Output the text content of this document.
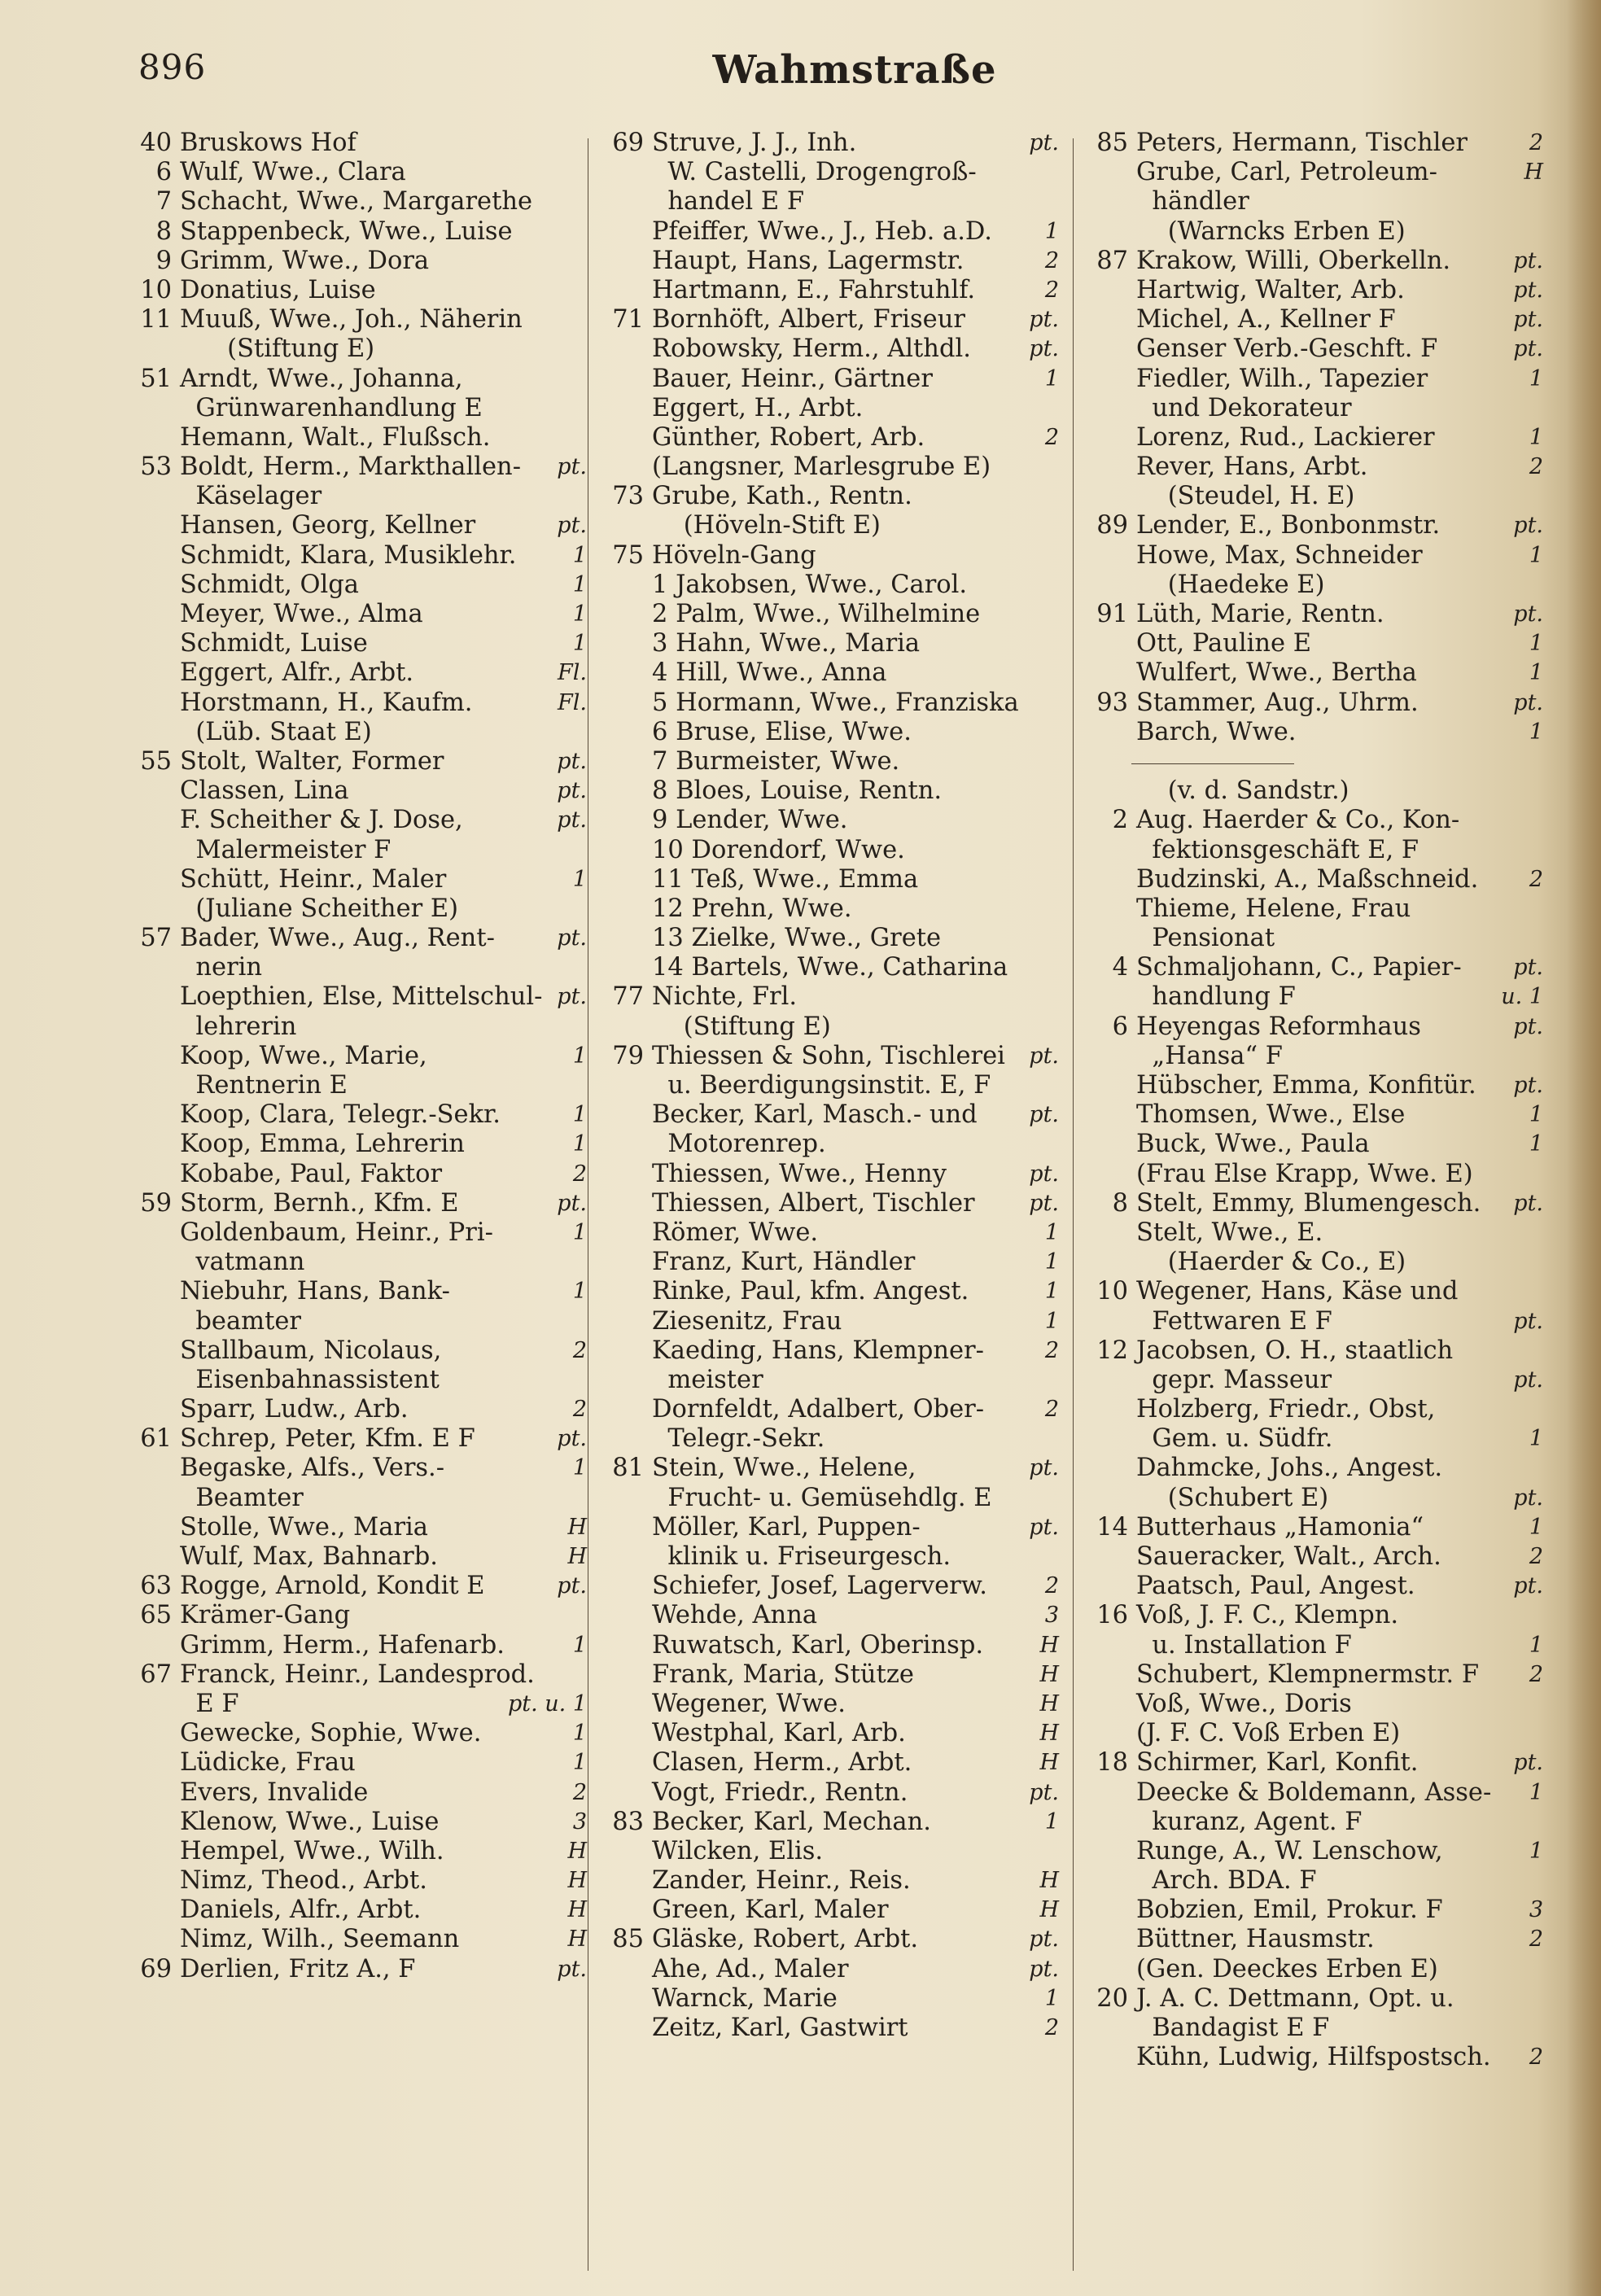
896	Wahmstraße
40 Bruskows Hof
6 Wulf, Wwe., Clara
7 Schacht, Wwe., Margarethe
8 Stappenbeck, Wwe., Luise
9 Grimm, Wwe., Dora
10 Donatius, Luise
11 Muuß, Wwe., Joh., Näherin
(Stiftung E)
51 Arndt, Wwe., Johanna,
Grünwarenhandlung E
Hemann, Walt., Flußsch.
53 Boldt, Herm., Markthallen- pt.
Käselager
Hansen, Georg, Kellner	pt.
Schmidt, Klara, Musiklehr.	1
Schmidt, Olga	1
Meyer, Wwe., Alma	1
Schmidt, Luise	1
Eggert, Alfr., Arbt.	Fl.
Horstmann, H., Kaufm.	Fl.
(Lüb. Staat E)
55 Stolt, Walter, Former	pt.
Classen, Lina	pt.
F. Scheither & J. Dose,	pt.
Malermeister F
Schütt, Heinr., Maler	1
(Juliane Scheither E)
57 Bader, Wwe., Aug., Rent-	pt.
nerin
Loepthien, Else, Mittelschul- pt.
lehrerin
Koop, Wwe., Marie,	1
Rentnerin E
Koop, Clara, Telegr.-Sekr.	1
Koop, Emma, Lehrerin	1
Kobabe, Paul, Faktor	2
59 Storm, Bernh., Kfm. E	pt.
Goldenbaum, Heinr., Pri-	1
vatmann
Niebuhr, Hans, Bank-	1
beamter
Stallbaum, Nicolaus,	2
Eisenbahnassistent
Sparr, Ludw., Arb.	2
61 Schrep, Peter, Kfm. E F	pt.
Begaske, Alfs., Vers.-	1
Beamter
Stolle, Wwe., Maria	H
Wulf, Max, Bahnarb.	H
63 Rogge, Arnold, Kondit E	pt.
65 Krämer-Gang
Grimm, Herm., Hafenarb.	1
67 Franck, Heinr., Landesprod.
E F	pt. u. 1
Gewecke, Sophie, Wwe.	1
Lüdicke, Frau	1
Evers, Invalide	2
Klenow, Wwe., Luise	3
Hempel, Wwe., Wilh.	H
Nimz, Theod., Arbt.	H
Daniels, Alfr., Arbt.	H
Nimz, Wilh., Seemann	H
69 Derlien, Fritz A., F	pt.
69 Struve, J. J., Inh.	pt.
W. Castelli, Drogengroß-
handel E F
Pfeiffer, Wwe., J., Heb. a.D. 1
Haupt, Hans, Lagermstr.	2
Hartmann, E., Fahrstuhlf.	2
71 Bornhöft, Albert, Friseur	pt.
Robowsky, Herm., Althdl.	pt.
Bauer, Heinr., Gärtner	1
Eggert, H., Arbt.
Günther, Robert, Arb.	2
(Langsner, Marlesgrube E)
73 Grube, Kath., Rentn.
(Höveln-Stift E)
75 Höveln-Gang
1 Jakobsen, Wwe., Carol.
2 Palm, Wwe., Wilhelmine
3 Hahn, Wwe., Maria
4 Hill, Wwe., Anna
5 Hormann, Wwe., Franziska
6 Bruse, Elise, Wwe.
7 Burmeister, Wwe.
8 Bloes, Louise, Rentn.
9 Lender, Wwe.
10 Dorendorf, Wwe.
11 Teß, Wwe., Emma
12 Prehn, Wwe.
13 Zielke, Wwe., Grete
14 Bartels, Wwe., Catharina
77 Nichte, Frl.
(Stiftung E)
79 Thiessen & Sohn, Tischlerei pt.
u. Beerdigungsinstit. E, F
Becker, Karl, Masch.- und pt.
Motorenrep.
Thiessen, Wwe., Henny	pt.
Thiessen, Albert, Tischler pt.
Römer, Wwe.	1
Franz, Kurt, Händler	1
Rinke, Paul, kfm. Angest.	1
Ziesenitz, Frau	1
Kaeding, Hans, Klempner-	2
meister
Dornfeldt, Adalbert, Ober-	2
Telegr.-Sekr.
81 Stein, Wwe., Helene,	pt.
Frucht- u. Gemüsehdlg. E
Möller, Karl, Puppen-	pt.
klinik u. Friseurgesch.
Schiefer, Josef, Lagerverw.	2
Wehde, Anna	3
Ruwatsch, Karl, Oberinsp.	H
Frank, Maria, Stütze	H
Wegener, Wwe.	H
Westphal, Karl, Arb.	H
Clasen, Herm., Arbt.	H
Vogt, Friedr., Rentn.	pt.
83 Becker, Karl, Mechan.	1
Wilcken, Elis.
Zander, Heinr., Reis.	H
Green, Karl, Maler	H
85 Gläske, Robert, Arbt.	pt.
Ahe, Ad., Maler	pt.
Warnck, Marie	1
Zeitz, Karl, Gastwirt	2
85 Peters, Hermann, Tischler	2
Grube, Carl, Petroleum-	H
händler
(Warncks Erben E)
87 Krakow, Willi, Oberkelln.	pt.
Hartwig, Walter, Arb.	pt.
Michel, A., Kellner F	pt.
Genser Verb.-Geschft. F	pt.
Fiedler, Wilh., Tapezier	1
und Dekorateur
Lorenz, Rud., Lackierer	1
Rever, Hans, Arbt.	2
(Steudel, H. E)
89 Lender, E., Bonbonmstr.	pt.
Howe, Max, Schneider	1
(Haedeke E)
91 Lüth, Marie, Rentn.	pt.
Ott, Pauline E	1
Wulfert, Wwe., Bertha	1
93 Stammer, Aug., Uhrm.	pt.
Barch, Wwe.	1
(v. d. Sandstr.)
2 Aug. Haerder & Co., Kon-
fektionsgeschäft E, F
Budzinski, A., Maßschneid. 2
Thieme, Helene, Frau
Pensionat
4 Schmaljohann, C., Papier- pt.
handlung F	u. 1
6 Heyengas Reformhaus	pt.
„Hansa“ F
Hübscher, Emma, Konfitür. pt.
Thomsen, Wwe., Else	1
Buck, Wwe., Paula	1
(Frau Else Krapp, Wwe. E)
8 Stelt, Emmy, Blumengesch. pt.
Stelt, Wwe., E.
(Haerder & Co., E)
10 Wegener, Hans, Käse und
Fettwaren E F	pt.
12 Jacobsen, O. H., staatlich
gepr. Masseur	pt.
Holzberg, Friedr., Obst,
Gem. u. Südfr.	1
Dahmcke, Johs., Angest.
(Schubert E)	pt.
14 Butterhaus „Hamonia“	1
Saueracker, Walt., Arch.	2
Paatsch, Paul, Angest.	pt.
16 Voß, J. F. C., Klempn.
u. Installation F	1
Schubert, Klempnermstr. F 2
Voß, Wwe., Doris
(J. F. C. Voß Erben E)
18 Schirmer, Karl, Konfit.	pt.
Deecke & Boldemann, Asse- 1
kuranz, Agent. F
Runge, A., W. Lenschow,	1
Arch. BDA. F
Bobzien, Emil, Prokur. F	3
Büttner, Hausmstr.	2
(Gen. Deeckes Erben E)
20 J. A. C. Dettmann, Opt. u.
Bandagist E F
Kühn, Ludwig, Hilfspostsch. 2
